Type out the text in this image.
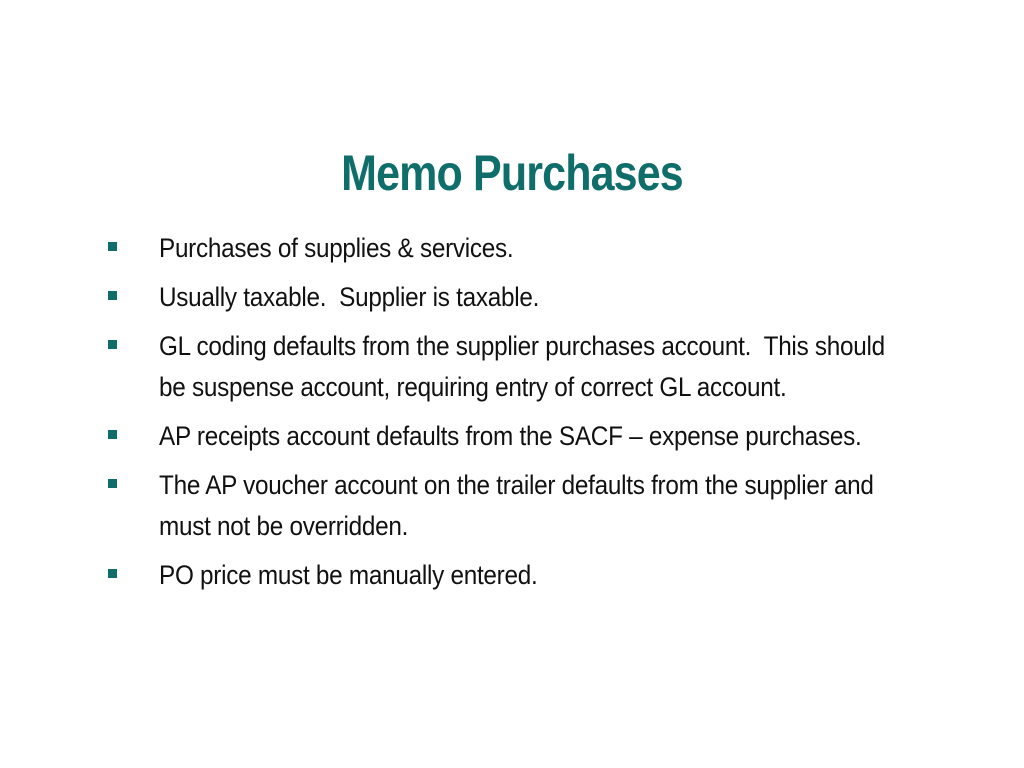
Memo Purchases
Purchases of supplies & services.
Usually taxable.  Supplier is taxable.
GL coding defaults from the supplier purchases account.  This should be suspense account, requiring entry of correct GL account.
AP receipts account defaults from the SACF – expense purchases.
The AP voucher account on the trailer defaults from the supplier and must not be overridden.
PO price must be manually entered.
